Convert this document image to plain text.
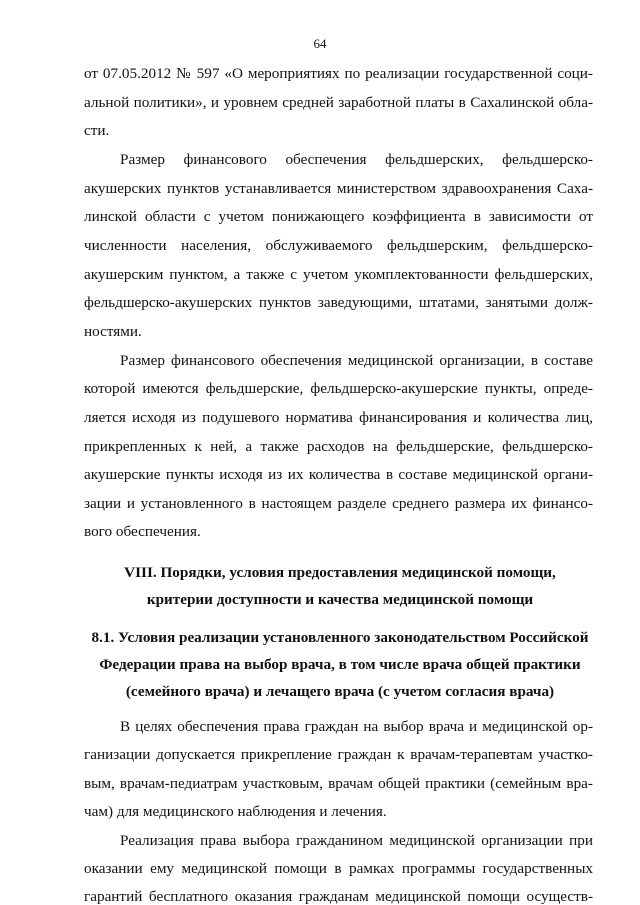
64
от 07.05.2012 № 597 «О мероприятиях по реализации государственной соци-
альной политики», и уровнем средней заработной платы в Сахалинской обла-
сти.
Размер финансового обеспечения фельдшерских, фельдшерско-
акушерских пунктов устанавливается министерством здравоохранения Саха-
линской области с учетом понижающего коэффициента в зависимости от
численности населения, обслуживаемого фельдшерским, фельдшерско-
акушерским пунктом, а также с учетом укомплектованности фельдшерских,
фельдшерско-акушерских пунктов заведующими, штатами, занятыми долж-
ностями.
Размер финансового обеспечения медицинской организации, в составе
которой имеются фельдшерские, фельдшерско-акушерские пункты, опреде-
ляется исходя из подушевого норматива финансирования и количества лиц,
прикрепленных к ней, а также расходов на фельдшерские, фельдшерско-
акушерские пункты исходя из их количества в составе медицинской органи-
зации и установленного в настоящем разделе среднего размера их финансо-
вого обеспечения.
VIII. Порядки, условия предоставления медицинской помощи,
критерии доступности и качества медицинской помощи
8.1. Условия реализации установленного законодательством Российской
Федерации права на выбор врача, в том числе врача общей практики
(семейного врача) и лечащего врача (с учетом согласия врача)
В целях обеспечения права граждан на выбор врача и медицинской ор-
ганизации допускается прикрепление граждан к врачам-терапевтам участко-
вым, врачам-педиатрам участковым, врачам общей практики (семейным вра-
чам) для медицинского наблюдения и лечения.
Реализация права выбора гражданином медицинской организации при
оказании ему медицинской помощи в рамках программы государственных
гарантий бесплатного оказания гражданам медицинской помощи осуществ-
